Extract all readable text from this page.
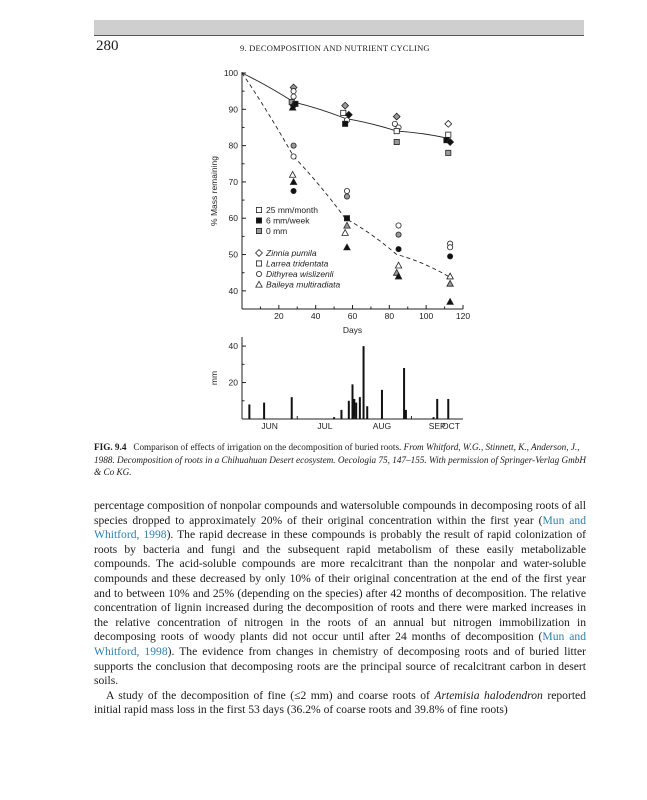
280	9. DECOMPOSITION AND NUTRIENT CYCLING
100
90
80
70
60
50
40
20	40	60	80	100	120
Days
% Mass remaining	25 mm/month
6 mm/week
0 mm
Zinnia pumila
Larrea tridentata
Dithyrea wislizenli
Baileya multiradiata
40
20
mm
JUN	JUL	AUG	SEP
OCT
FIG. 9.4 Comparison of effects of irrigation on the decomposition of buried roots. From Whitford, W.G., Stinnett, K., Anderson, J., 1988. Decomposition of roots in a Chihuahuan Desert ecosystem. Oecologia 75, 147–155. With permission of Springer-Verlag GmbH & Co KG.

percentage composition of nonpolar compounds and watersoluble compounds in decomposing roots of all species dropped to approximately 20% of their original concentration within the first year (Mun and Whitford, 1998). The rapid decrease in these compounds is probably the result of rapid colonization of roots by bacteria and fungi and the subsequent rapid metabolism of these easily metabolizable compounds. The acid-soluble compounds are more recalcitrant than the nonpolar and water-soluble compounds and these decreased by only 10% of their original concentration at the end of the first year and to between 10% and 25% (depending on the species) after 42 months of decomposition. The relative concentration of lignin increased during the decomposition of roots and there were marked increases in the relative concentration of nitrogen in the roots of an annual but nitrogen immobilization in decomposing roots of woody plants did not occur until after 24 months of decomposition (Mun and Whitford, 1998). The evidence from changes in chemistry of decomposing roots and of buried litter supports the conclusion that decomposing roots are the principal source of recalcitrant carbon in desert soils.

A study of the decomposition of fine (≤2 mm) and coarse roots of Artemisia halodendron reported initial rapid mass loss in the first 53 days (36.2% of coarse roots and 39.8% of fine roots)
